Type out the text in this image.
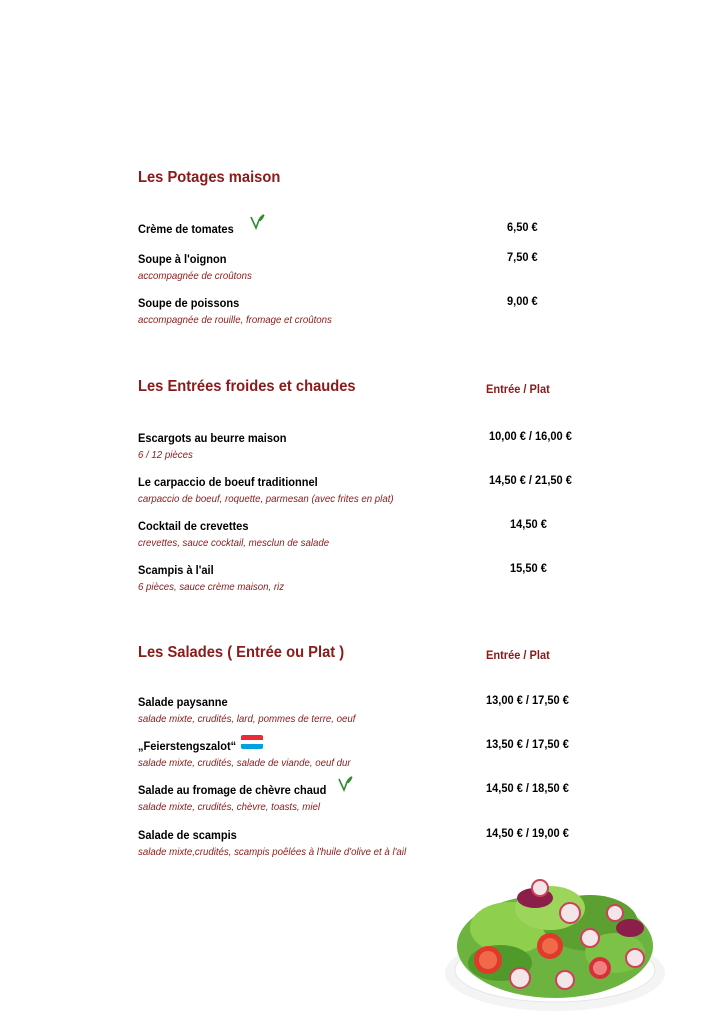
Les Potages maison
Crème de tomates	6,50 €
Soupe à l'oignon
accompagnée de croûtons
7,50 €
Soupe de poissons
accompagnée de rouille, fromage et croûtons
9,00 €
Les Entrées froides et chaudes	Entrée / Plat
Escargots au beurre maison
6 / 12 pièces
10,00 € / 16,00 €
Le carpaccio de boeuf traditionnel
carpaccio de boeuf, roquette, parmesan (avec frites en plat)
14,50 € / 21,50 €
Cocktail de crevettes
crevettes, sauce cocktail, mesclun de salade
14,50 €
Scampis à l'ail
6 pièces, sauce crème maison, riz
15,50 €
Les Salades ( Entrée ou Plat )	Entrée / Plat
Salade paysanne
salade mixte, crudités, lard, pommes de terre, oeuf
13,00 € / 17,50 €
„Feierstengszalot“
salade mixte, crudités, salade de viande, oeuf dur
13,50 € / 17,50 €
Salade au fromage de chèvre chaud
salade mixte, crudités, chèvre, toasts, miel
14,50 € / 18,50 €
Salade de scampis
salade mixte,crudités, scampis poêlées à l'huile d'olive et à l'ail
14,50 € / 19,00 €
